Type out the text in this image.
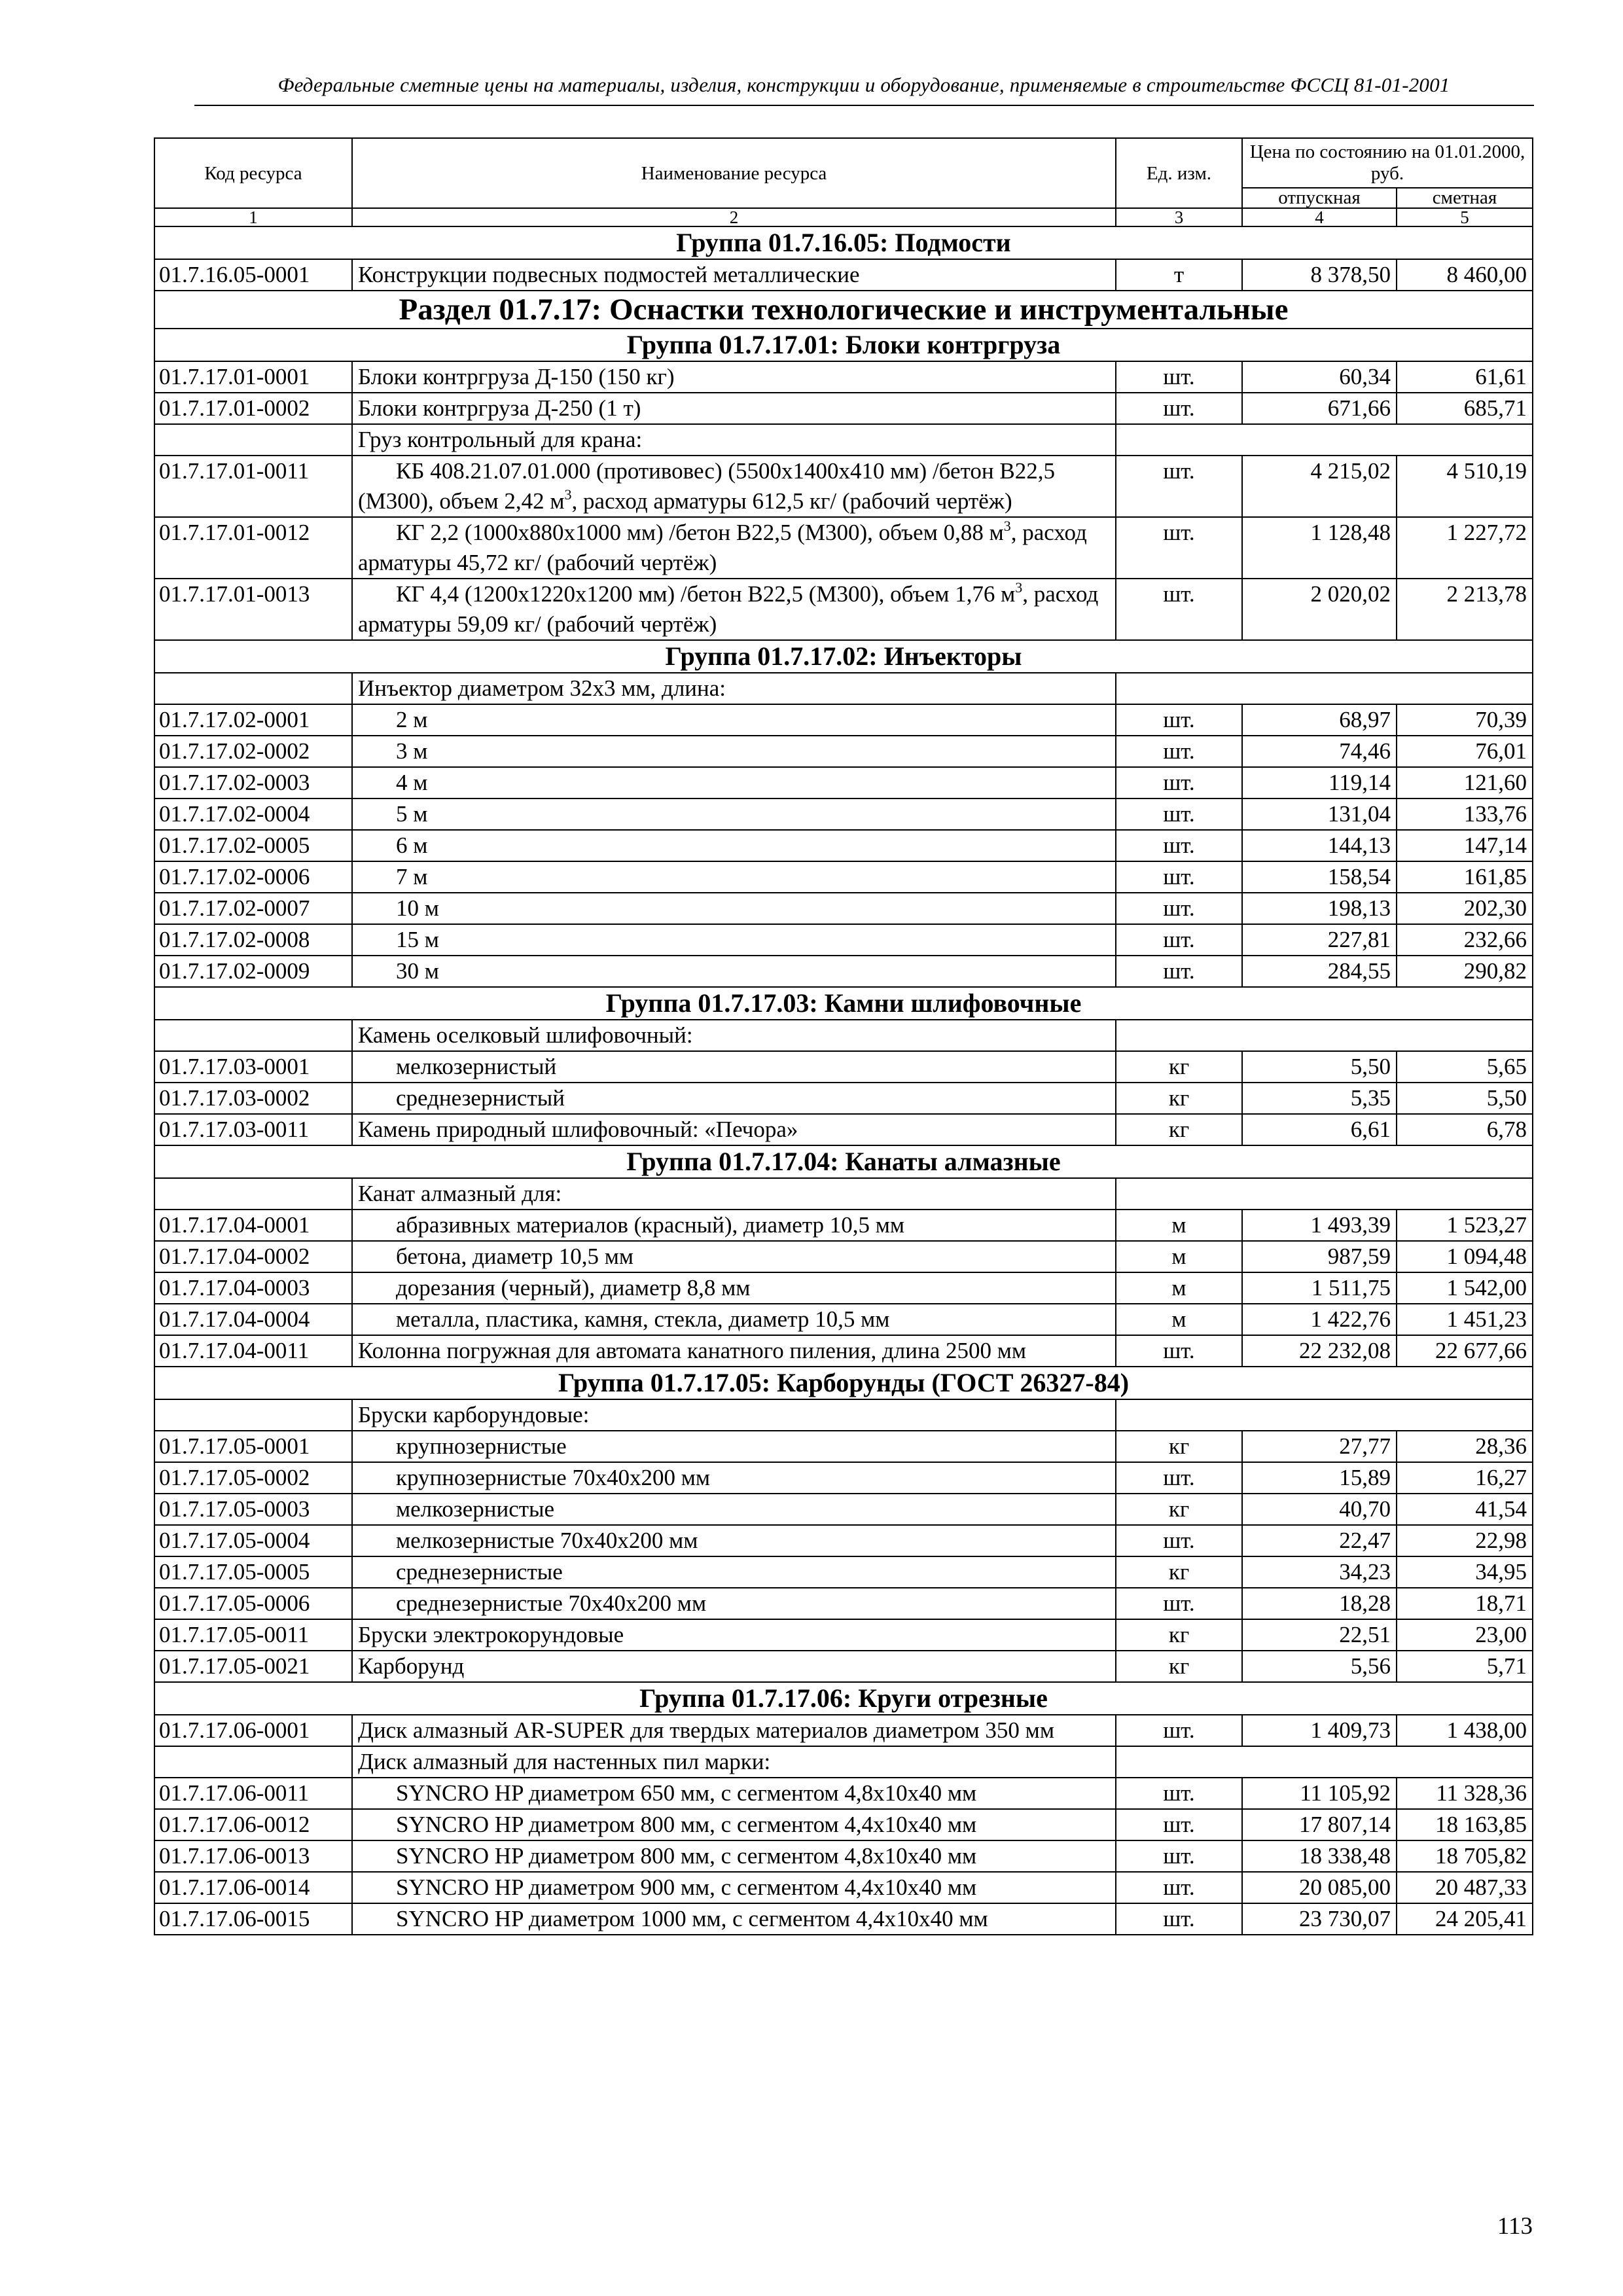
Федеральные сметные цены на материалы, изделия, конструкции и оборудование, применяемые в строительстве ФССЦ 81-01-2001
Код ресурса	Наименование ресурса	Ед. изм.	Цена по состоянию на 01.01.2000, руб.	
			отпускная	сметная
1	2	3	4	5
Группа 01.7.16.05: Подмости				
01.7.16.05-0001	Конструкции подвесных подмостей металлические	т	8 378,50	8 460,00
Раздел 01.7.17: Оснастки технологические и инструментальные				
Группа 01.7.17.01: Блоки контргруза				
01.7.17.01-0001	Блоки контргруза Д-150 (150 кг)	шт.	60,34	61,61
01.7.17.01-0002	Блоки контргруза Д-250 (1 т)	шт.	671,66	685,71
	Груз контрольный для крана:			
01.7.17.01-0011	КБ 408.21.07.01.000 (противовес) (5500х1400х410 мм) /бетон В22,5 (М300), объем 2,42 $м^3$, расход арматуры 612,5 кг/ (рабочий чертёж)	шт.	4 215,02	4 510,19
01.7.17.01-0012	КГ 2,2 (1000х880х1000 мм) /бетон В22,5 (М300), объем 0,88 $м^3$, расход арматуры 45,72 кг/ (рабочий чертёж)	шт.	1 128,48	1 227,72
01.7.17.01-0013	КГ 4,4 (1200х1220х1200 мм) /бетон В22,5 (М300), объем 1,76 $м^3$, расход арматуры 59,09 кг/ (рабочий чертёж)	шт.	2 020,02	2 213,78
Группа 01.7.17.02: Инъекторы				
	Инъектор диаметром 32х3 мм, длина:			
01.7.17.02-0001	2 м	шт.	68,97	70,39
01.7.17.02-0002	3 м	шт.	74,46	76,01
01.7.17.02-0003	4 м	шт.	119,14	121,60
01.7.17.02-0004	5 м	шт.	131,04	133,76
01.7.17.02-0005	6 м	шт.	144,13	147,14
01.7.17.02-0006	7 м	шт.	158,54	161,85
01.7.17.02-0007	10 м	шт.	198,13	202,30
01.7.17.02-0008	15 м	шт.	227,81	232,66
01.7.17.02-0009	30 м	шт.	284,55	290,82
Группа 01.7.17.03: Камни шлифовочные				
	Камень оселковый шлифовочный:			
01.7.17.03-0001	мелкозернистый	кг	5,50	5,65
01.7.17.03-0002	среднезернистый	кг	5,35	5,50
01.7.17.03-0011	Камень природный шлифовочный: «Печора»	кг	6,61	6,78
Группа 01.7.17.04: Канаты алмазные				
	Канат алмазный для:			
01.7.17.04-0001	абразивных материалов (красный), диаметр 10,5 мм	м	1 493,39	1 523,27
01.7.17.04-0002	бетона, диаметр 10,5 мм	м	987,59	1 094,48
01.7.17.04-0003	дорезания (черный), диаметр 8,8 мм	м	1 511,75	1 542,00
01.7.17.04-0004	металла, пластика, камня, стекла, диаметр 10,5 мм	м	1 422,76	1 451,23
01.7.17.04-0011	Колонна погружная для автомата канатного пиления, длина 2500 мм	шт.	22 232,08	22 677,66
Группа 01.7.17.05: Карборунды (ГОСТ 26327-84)				
	Бруски карборундовые:			
01.7.17.05-0001	крупнозернистые	кг	27,77	28,36
01.7.17.05-0002	крупнозернистые 70х40х200 мм	шт.	15,89	16,27
01.7.17.05-0003	мелкозернистые	кг	40,70	41,54
01.7.17.05-0004	мелкозернистые 70х40х200 мм	шт.	22,47	22,98
01.7.17.05-0005	среднезернистые	кг	34,23	34,95
01.7.17.05-0006	среднезернистые 70х40х200 мм	шт.	18,28	18,71
01.7.17.05-0011	Бруски электрокорундовые	кг	22,51	23,00
01.7.17.05-0021	Карборунд	кг	5,56	5,71
Группа 01.7.17.06: Круги отрезные				
01.7.17.06-0001	Диск алмазный AR-SUPER для твердых материалов диаметром 350 мм	шт.	1 409,73	1 438,00
	Диск алмазный для настенных пил марки:			
01.7.17.06-0011	SYNCRO HP диаметром 650 мм, с сегментом 4,8х10х40 мм	шт.	11 105,92	11 328,36
01.7.17.06-0012	SYNCRO HP диаметром 800 мм, с сегментом 4,4х10х40 мм	шт.	17 807,14	18 163,85
01.7.17.06-0013	SYNCRO HP диаметром 800 мм, с сегментом 4,8х10х40 мм	шт.	18 338,48	18 705,82
01.7.17.06-0014	SYNCRO HP диаметром 900 мм, с сегментом 4,4х10х40 мм	шт.	20 085,00	20 487,33
01.7.17.06-0015	SYNCRO HP диаметром 1000 мм, с сегментом 4,4х10х40 мм	шт.	23 730,07	24 205,41
113
